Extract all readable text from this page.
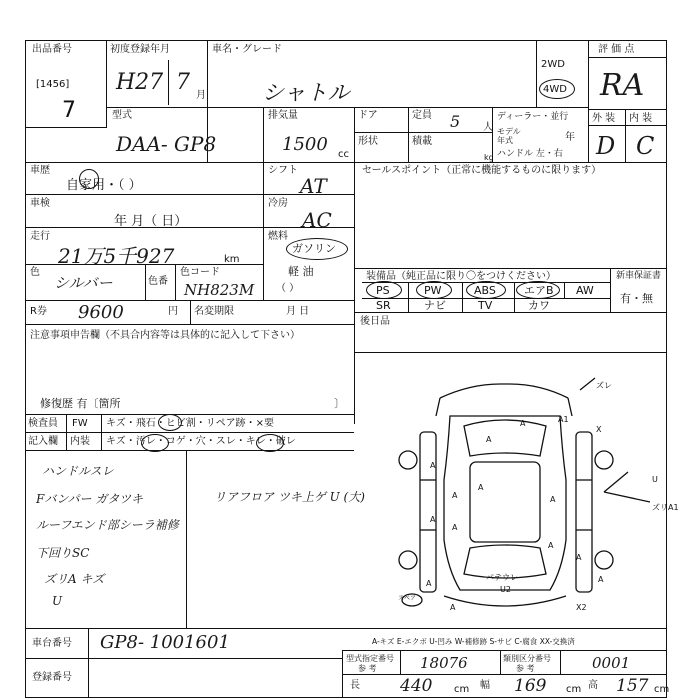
出品番号
[1456]
7
初度登録年月
H27 7
月
車名・グレード
シャトル
2WD
4WD
評 価 点
RA
外 装 内 装
D C
型式
DAA- GP8
排気量
1500 cc
ドア	定員 5 人
形状	積載
kg
ディーラー・並行
モデル年式	年
ハンドル 左・右
車歴
自家用・（ ）
車検
年 月（ 日）
走行
21万5千927	km
色
シルバー	色番
色コード
NH823M
シフト
AT
冷房
AC
燃料
ガソリン
軽 油
（ ）
R券 9600	円 名変期限	月 日
セールスポイント（正常に機能するものに限ります）
装備品（純正品に限り〇をつけください）	新車保証書
有・無
PS	PW	ABS	エアB AW
SR	ナビ	TV	カワ
後日品
注意事項申告欄（不具合内容等は具体的に記入して下さい）
修復歴 有〔箇所	〕
検査員 FW キズ・飛石・ヒビ割・リペア跡・×要
記入欄 内装 キズ・汚レ・コゲ・穴・スレ・キレ・破レ
ハンドルスレ
Fバンパー ガタツキ
ルーフエンド部シーラ補修
下回りSC
ズリA キズ
U
リアフロア ツキ上ゲ U (大)
ズレ
A	A1
X
A
A
A
A
A
A
A
A
U
ズリA1
パテウレ
U2
A
A
A
A	X2
スペア
A-キズ E-エクボ U-凹み W-補修跡 S-サビ C-腐食 XX-交換済
車台番号 GP8- 1001601
登録番号
型式指定番号
参 考	18076	類別区分番号
参 考	0001
長 440 cm 幅 169 cm 高 157 cm
